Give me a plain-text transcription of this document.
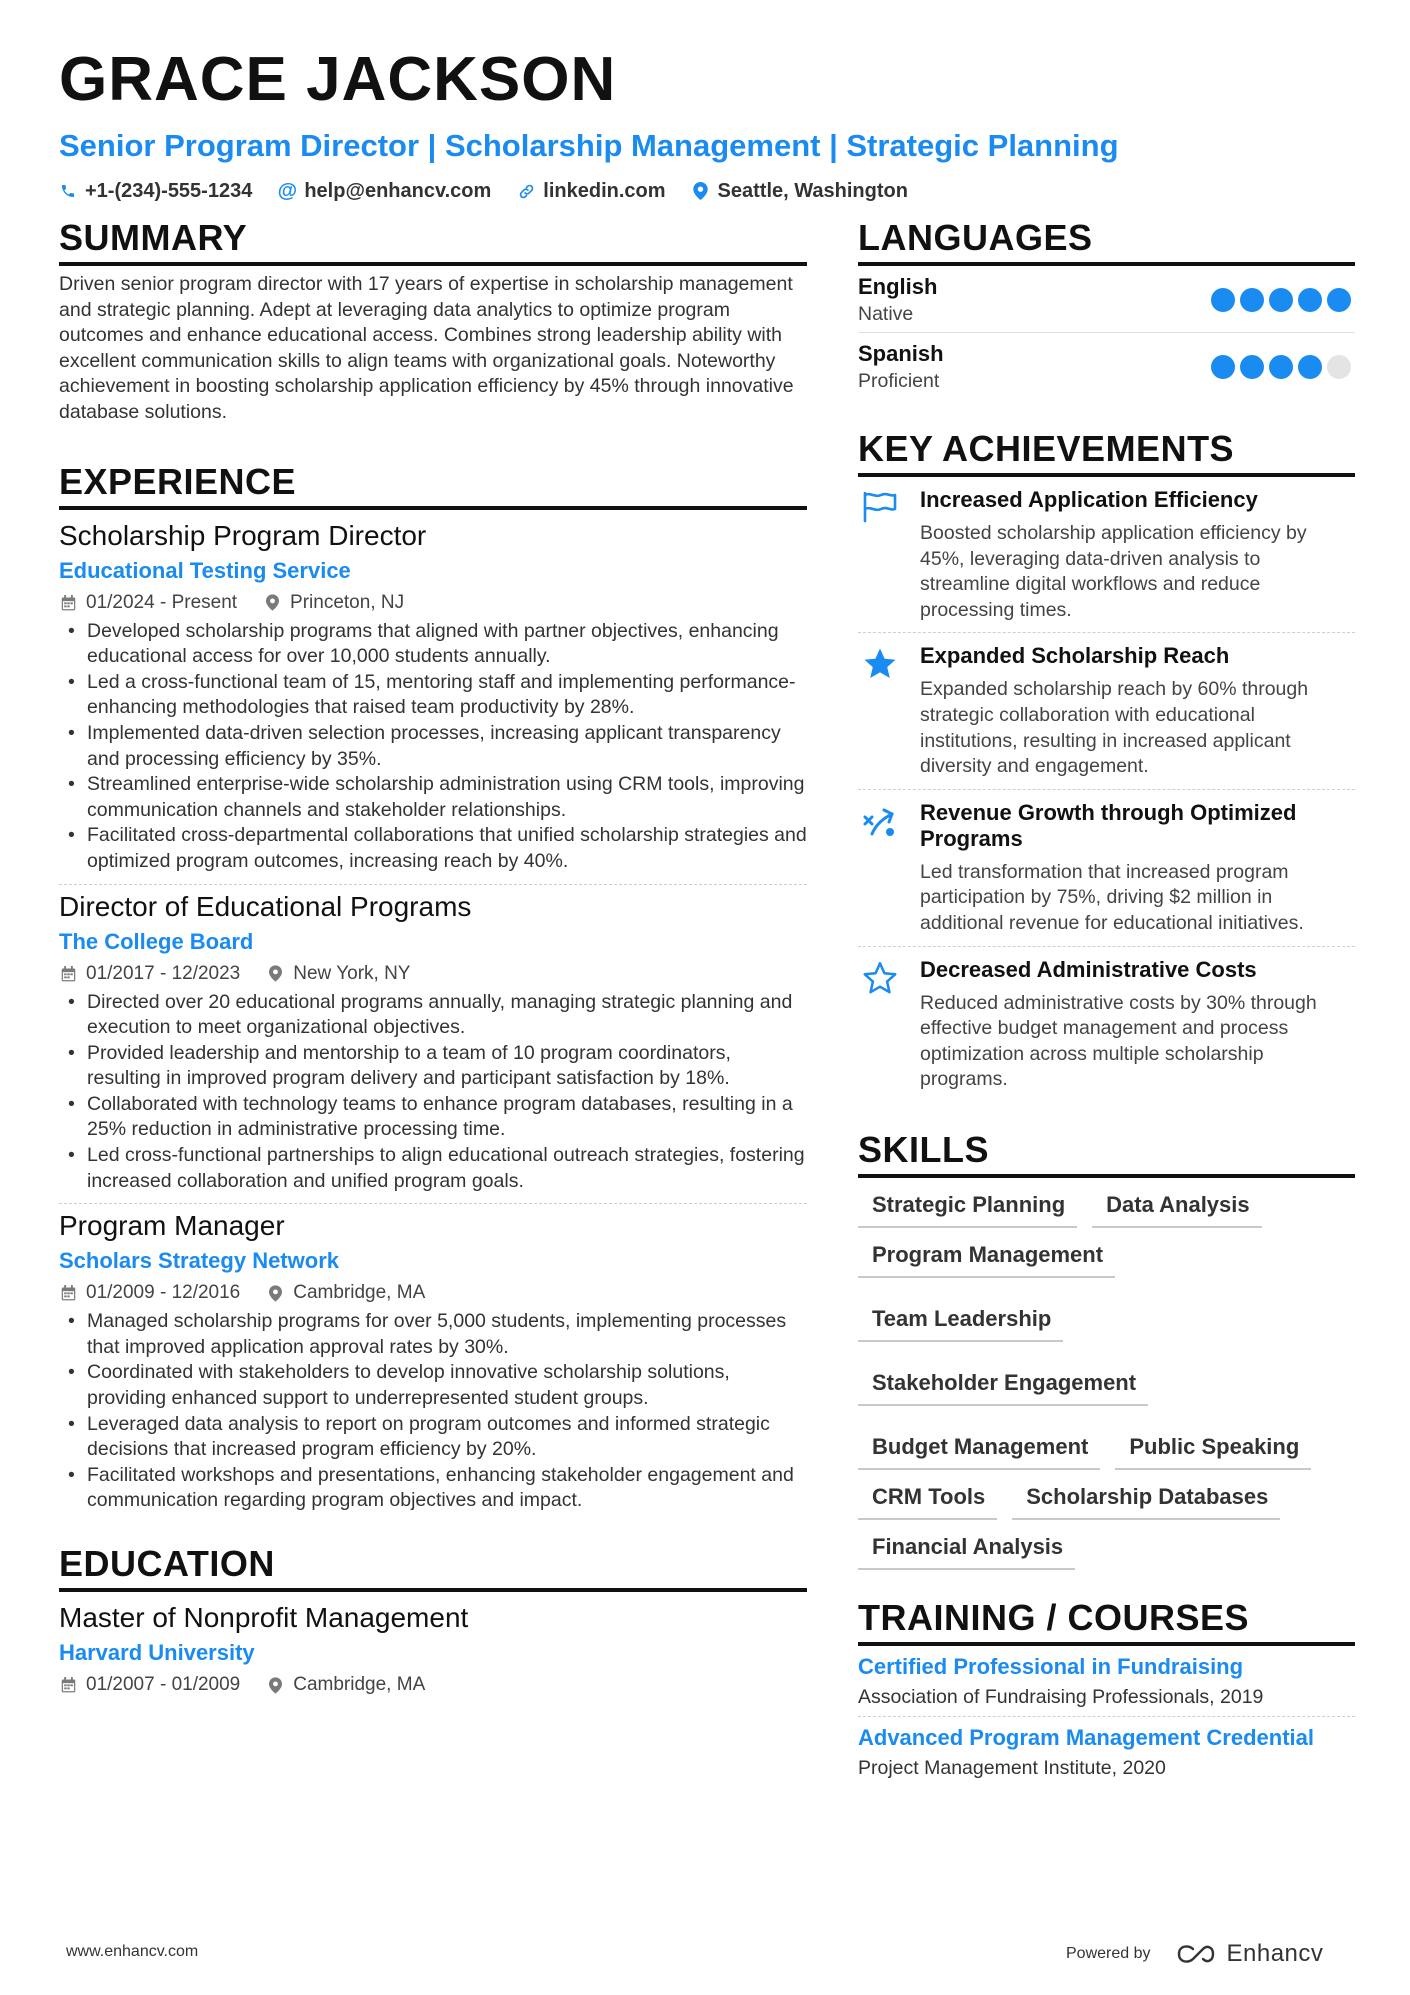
GRACE JACKSON
Senior Program Director | Scholarship Management | Strategic Planning
+1-(234)-555-1234 @ help@enhancv.com	linkedin.com	Seattle, Washington
SUMMARY

Driven senior program director with 17 years of expertise in scholarship management and strategic planning. Adept at leveraging data analytics to optimize program outcomes and enhance educational access. Combines strong leadership ability with excellent communication skills to align teams with organizational goals. Noteworthy achievement in boosting scholarship application efficiency by 45% through innovative database solutions.

EXPERIENCE
Scholarship Program Director
Educational Testing Service
01/2024 - Present	Princeton, NJ
• Developed scholarship programs that aligned with partner objectives, enhancing educational access for over 10,000 students annually.
• Led a cross-functional team of 15, mentoring staff and implementing performance-enhancing methodologies that raised team productivity by 28%.
• Implemented data-driven selection processes, increasing applicant transparency and processing efficiency by 35%.
• Streamlined enterprise-wide scholarship administration using CRM tools, improving communication channels and stakeholder relationships.
• Facilitated cross-departmental collaborations that unified scholarship strategies and optimized program outcomes, increasing reach by 40%.
Director of Educational Programs
The College Board
01/2017 - 12/2023	New York, NY
• Directed over 20 educational programs annually, managing strategic planning and execution to meet organizational objectives.
• Provided leadership and mentorship to a team of 10 program coordinators, resulting in improved program delivery and participant satisfaction by 18%.
• Collaborated with technology teams to enhance program databases, resulting in a 25% reduction in administrative processing time.
• Led cross-functional partnerships to align educational outreach strategies, fostering increased collaboration and unified program goals.
Program Manager
Scholars Strategy Network
01/2009 - 12/2016	Cambridge, MA
• Managed scholarship programs for over 5,000 students, implementing processes that improved application approval rates by 30%.
• Coordinated with stakeholders to develop innovative scholarship solutions, providing enhanced support to underrepresented student groups.
• Leveraged data analysis to report on program outcomes and informed strategic decisions that increased program efficiency by 20%.
• Facilitated workshops and presentations, enhancing stakeholder engagement and communication regarding program objectives and impact.
EDUCATION
Master of Nonprofit Management
Harvard University
01/2007 - 01/2009	Cambridge, MA
LANGUAGES
English
Native
Spanish
Proficient
KEY ACHIEVEMENTS
Increased Application Efficiency
Boosted scholarship application efficiency by 45%, leveraging data-driven analysis to streamline digital workflows and reduce processing times.
Expanded Scholarship Reach
Expanded scholarship reach by 60% through strategic collaboration with educational institutions, resulting in increased applicant diversity and engagement.
Revenue Growth through Optimized Programs
Led transformation that increased program participation by 75%, driving $2 million in additional revenue for educational initiatives.
Decreased Administrative Costs
Reduced administrative costs by 30% through effective budget management and process optimization across multiple scholarship programs.
SKILLS
Strategic Planning	Data Analysis
Program Management
Team Leadership
Stakeholder Engagement
Budget Management	Public Speaking
CRM Tools	Scholarship Databases
Financial Analysis
TRAINING / COURSES
Certified Professional in Fundraising
Association of Fundraising Professionals, 2019
Advanced Program Management Credential
Project Management Institute, 2020
www.enhancv.com	Powered by	Enhancv
